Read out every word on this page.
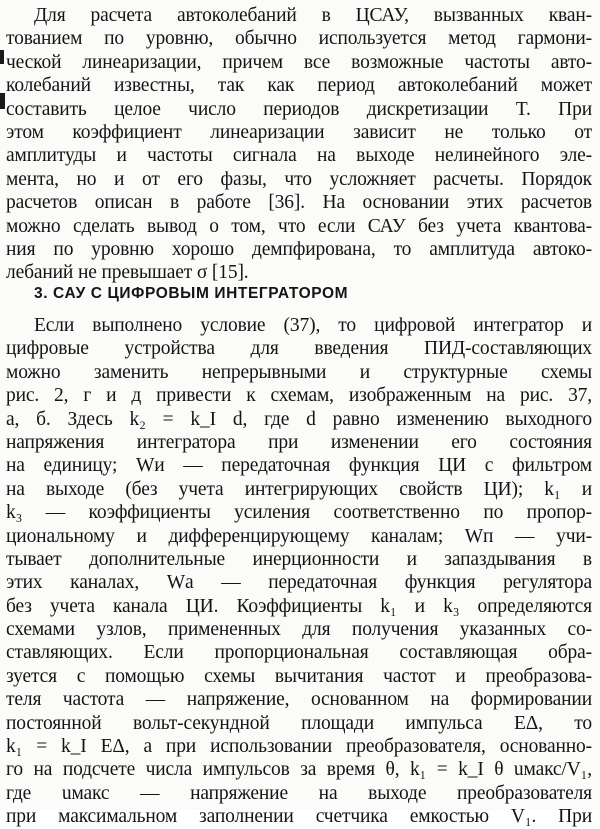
Для расчета автоколебаний в ЦСАУ, вызванных кван-
тованием по уровню, обычно используется метод гармони-
ческой линеаризации, причем все возможные частоты авто-
колебаний известны, так как период автоколебаний может
составить целое число периодов дискретизации T. При
этом коэффициент линеаризации зависит не только от
амплитуды и частоты сигнала на выходе нелинейного эле-
мента, но и от его фазы, что усложняет расчеты. Порядок
расчетов описан в работе [36]. На основании этих расчетов
можно сделать вывод о том, что если САУ без учета квантова-
ния по уровню хорошо демпфирована, то амплитуда автоко-
лебаний не превышает σ [15].
3. САУ С ЦИФРОВЫМ ИНТЕГРАТОРОМ
Если выполнено условие (37), то цифровой интегратор и
цифровые устройства для введения ПИД-составляющих
можно заменить непрерывными и структурные схемы
рис. 2, г и д привести к схемам, изображенным на рис. 37,
а, б. Здесь k₂ = k_I d, где d равно изменению выходного
напряжения интегратора при изменении его состояния
на единицу; Wи — передаточная функция ЦИ с фильтром
на выходе (без учета интегрирующих свойств ЦИ); k₁ и
k₃ — коэффициенты усиления соответственно по пропор-
циональному и дифференцирующему каналам; Wп — учи-
тывает дополнительные инерционности и запаздывания в
этих каналах, Wа — передаточная функция регулятора
без учета канала ЦИ. Коэффициенты k₁ и k₃ определяются
схемами узлов, примененных для получения указанных со-
ставляющих. Если пропорциональная составляющая обра-
зуется с помощью схемы вычитания частот и преобразова-
теля частота — напряжение, основанном на формировании
постоянной вольт-секундной площади импульса EΔ, то
k₁ = k_I EΔ, а при использовании преобразователя, основанно-
го на подсчете числа импульсов за время θ, k₁ = k_I θ uмакс/V₁,
где uмакс — напряжение на выходе преобразователя
при максимальном заполнении счетчика емкостью V₁. При
